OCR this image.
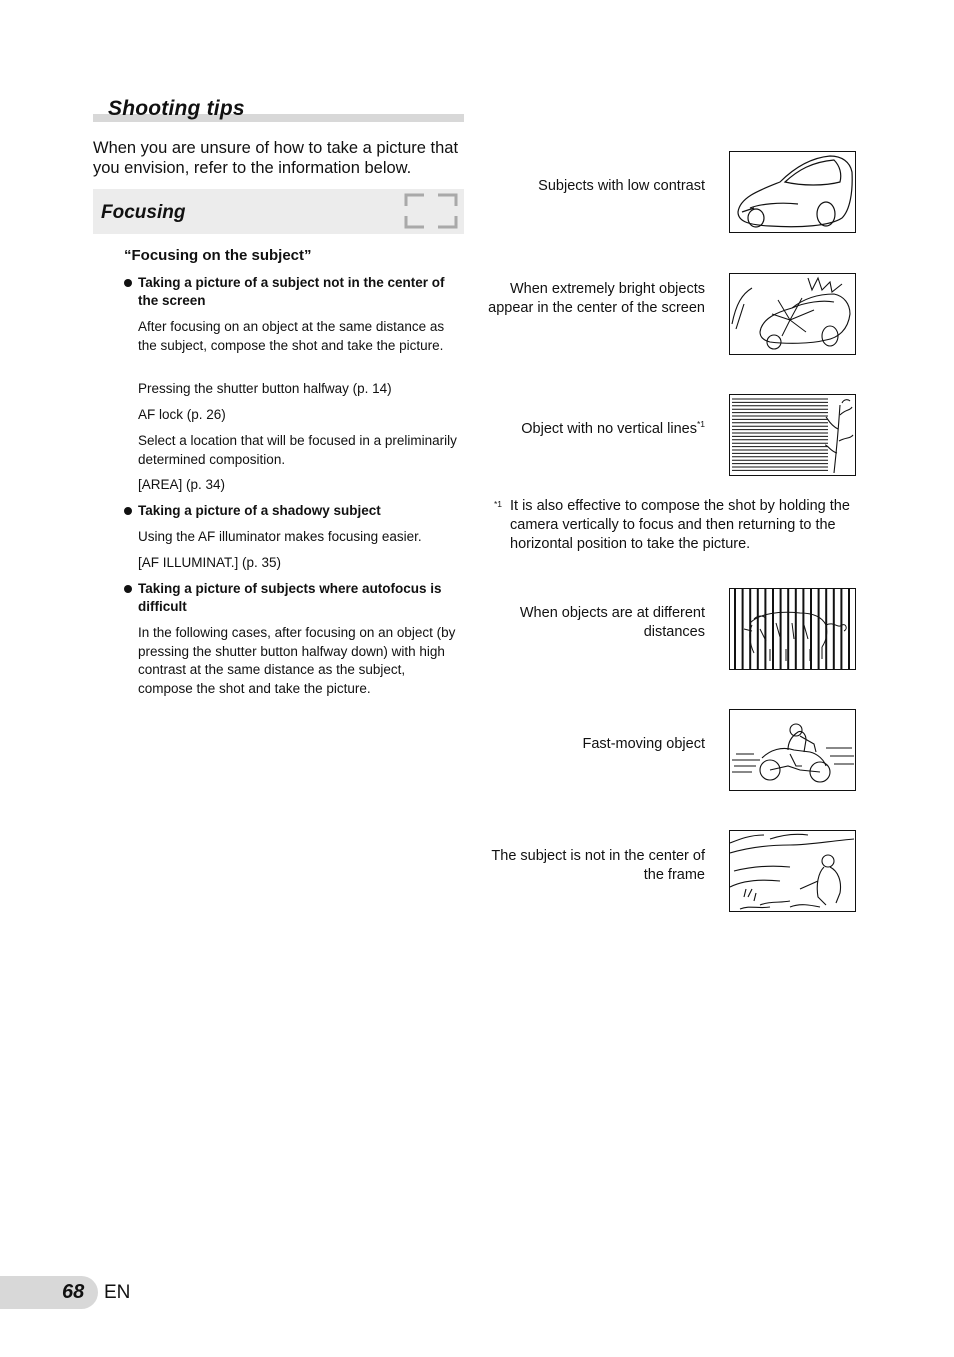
Shooting tips
When you are unsure of how to take a picture that you envision, refer to the information below.
Focusing
“Focusing on the subject”
Taking a picture of a subject not in the center of the screen
After focusing on an object at the same distance as the subject, compose the shot and take the picture.
Pressing the shutter button halfway (p. 14)
AF lock (p. 26)
Select a location that will be focused in a preliminarily determined composition.
[AREA] (p. 34)
Taking a picture of a shadowy subject
Using the AF illuminator makes focusing easier.
[AF ILLUMINAT.] (p. 35)
Taking a picture of subjects where autofocus is difficult
In the following cases, after focusing on an object (by pressing the shutter button halfway down) with high contrast at the same distance as the subject, compose the shot and take the picture.
Subjects with low contrast
When extremely bright objects appear in the center of the screen
Object with no vertical lines$^{*1}$
*1 It is also effective to compose the shot by holding the camera vertically to focus and then returning to the horizontal position to take the picture.
When objects are at different distances
Fast-moving object
The subject is not in the center of the frame
68 EN
